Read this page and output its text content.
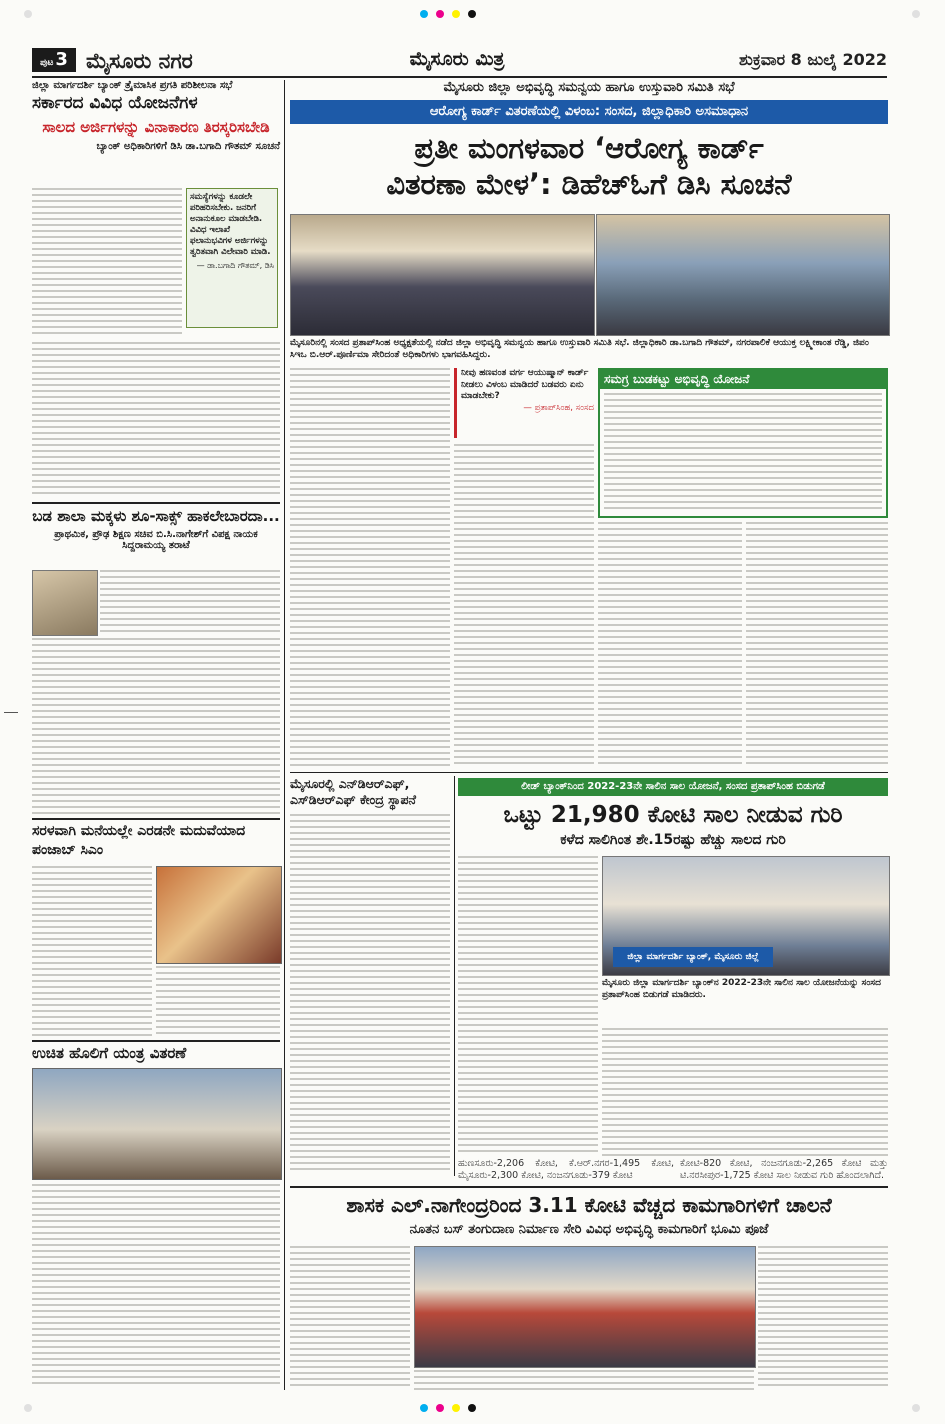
ಪುಟ 3 ಮೈಸೂರು ನಗರ	ಮೈಸೂರು ಮಿತ್ರ	ಶುಕ್ರವಾರ 8 ಜುಲೈ 2022
ಜಿಲ್ಲಾ ಮಾರ್ಗದರ್ಶಿ ಬ್ಯಾಂಕ್ ತ್ರೈಮಾಸಿಕ ಪ್ರಗತಿ ಪರಿಶೀಲನಾ ಸಭೆ
ಸರ್ಕಾರದ ವಿವಿಧ ಯೋಜನೆಗಳ
ಸಾಲದ ಅರ್ಜಿಗಳನ್ನು ವಿನಾಕಾರಣ ತಿರಸ್ಕರಿಸಬೇಡಿ
ಬ್ಯಾಂಕ್ ಅಧಿಕಾರಿಗಳಿಗೆ ಡಿಸಿ ಡಾ.ಬಗಾದಿ ಗೌತಮ್ ಸೂಚನೆ
ಸಮಸ್ಯೆಗಳನ್ನು ಕೂಡಲೇ ಪರಿಹರಿಸಬೇಕು. ಜನರಿಗೆ ಅನಾನುಕೂಲ ಮಾಡಬೇಡಿ. ವಿವಿಧ ಇಲಾಖೆ ಫಲಾನುಭವಿಗಳ ಅರ್ಜಿಗಳನ್ನು ತ್ವರಿತವಾಗಿ ವಿಲೇವಾರಿ ಮಾಡಿ.
— ಡಾ.ಬಗಾದಿ ಗೌತಮ್, ಡಿಸಿ
ಬಡ ಶಾಲಾ ಮಕ್ಕಳು ಶೂ-ಸಾಕ್ಸ್ ಹಾಕಲೇಬಾರದಾ...
ಪ್ರಾಥಮಿಕ, ಪ್ರೌಢ ಶಿಕ್ಷಣ ಸಚಿವ ಬಿ.ಸಿ.ನಾಗೇಶ್‌ಗೆ ವಿಪಕ್ಷ ನಾಯಕ ಸಿದ್ದರಾಮಯ್ಯ ತರಾಟೆ
ಸರಳವಾಗಿ ಮನೆಯಲ್ಲೇ ಎರಡನೇ ಮದುವೆಯಾದ ಪಂಜಾಬ್ ಸಿಎಂ
ಉಚಿತ ಹೊಲಿಗೆ ಯಂತ್ರ ವಿತರಣೆ
ಮೈಸೂರು ಜಿಲ್ಲಾ ಅಭಿವೃದ್ಧಿ ಸಮನ್ವಯ ಹಾಗೂ ಉಸ್ತುವಾರಿ ಸಮಿತಿ ಸಭೆ
ಆರೋಗ್ಯ ಕಾರ್ಡ್ ವಿತರಣೆಯಲ್ಲಿ ವಿಳಂಬ: ಸಂಸದ, ಜಿಲ್ಲಾಧಿಕಾರಿ ಅಸಮಾಧಾನ
ಪ್ರತೀ ಮಂಗಳವಾರ ‘ಆರೋಗ್ಯ ಕಾರ್ಡ್
ವಿತರಣಾ ಮೇಳ’: ಡಿಹೆಚ್‌ಓಗೆ ಡಿಸಿ ಸೂಚನೆ
ಮೈಸೂರಿನಲ್ಲಿ ಸಂಸದ ಪ್ರತಾಪ್‌ಸಿಂಹ ಅಧ್ಯಕ್ಷತೆಯಲ್ಲಿ ನಡೆದ ಜಿಲ್ಲಾ ಅಭಿವೃದ್ಧಿ ಸಮನ್ವಯ ಹಾಗೂ ಉಸ್ತುವಾರಿ ಸಮಿತಿ ಸಭೆ. ಜಿಲ್ಲಾಧಿಕಾರಿ ಡಾ.ಬಗಾದಿ ಗೌತಮ್, ನಗರಪಾಲಿಕೆ ಆಯುಕ್ತ ಲಕ್ಷ್ಮೀಕಾಂತ ರೆಡ್ಡಿ, ಜಿಪಂ ಸಿಇಒ ಬಿ.ಆರ್.ಪೂರ್ಣಿಮಾ ಸೇರಿದಂತೆ ಅಧಿಕಾರಿಗಳು ಭಾಗವಹಿಸಿದ್ದರು.
ನೀವು ಹಣವಂತ ವರ್ಗ ಆಯುಷ್ಮಾನ್ ಕಾರ್ಡ್ ನೀಡಲು ವಿಳಂಬ ಮಾಡಿದರೆ ಬಡವರು ಏನು ಮಾಡಬೇಕು?
— ಪ್ರತಾಪ್‌ಸಿಂಹ, ಸಂಸದ
ಸಮಗ್ರ ಬುಡಕಟ್ಟು ಅಭಿವೃದ್ಧಿ ಯೋಜನೆ
ಮೈಸೂರಲ್ಲಿ ಎನ್‌ಡಿಆರ್‌ಎಫ್, ಎಸ್‌ಡಿಆರ್‌ಎಫ್ ಕೇಂದ್ರ ಸ್ಥಾಪನೆ
ಲೀಡ್ ಬ್ಯಾಂಕ್‌ನಿಂದ 2022-23ನೇ ಸಾಲಿನ ಸಾಲ ಯೋಜನೆ, ಸಂಸದ ಪ್ರತಾಪ್‌ಸಿಂಹ ಬಿಡುಗಡೆ
ಒಟ್ಟು 21,980 ಕೋಟಿ ಸಾಲ ನೀಡುವ ಗುರಿ
ಕಳೆದ ಸಾಲಿಗಿಂತ ಶೇ.15ರಷ್ಟು ಹೆಚ್ಚು ಸಾಲದ ಗುರಿ
ಜಿಲ್ಲಾ ಮಾರ್ಗದರ್ಶಿ ಬ್ಯಾಂಕ್, ಮೈಸೂರು ಜಿಲ್ಲೆ
ಮೈಸೂರು ಜಿಲ್ಲಾ ಮಾರ್ಗದರ್ಶಿ ಬ್ಯಾಂಕ್‌ನ 2022-23ನೇ ಸಾಲಿನ ಸಾಲ ಯೋಜನೆಯನ್ನು ಸಂಸದ ಪ್ರತಾಪ್‌ಸಿಂಹ ಬಿಡುಗಡೆ ಮಾಡಿದರು.
ಹುಣಸೂರು-2,206 ಕೋಟಿ, ಕೆ.ಆರ್.ನಗರ-1,495 ಕೋಟಿ, ಮೈಸೂರು-2,300 ಕೋಟಿ, ನಂಜನಗೂಡು-379 ಕೋಟಿ
ಕೋಟಿ-820 ಕೋಟಿ, ನಂಜನಗೂಡು-2,265 ಕೋಟಿ ಮತ್ತು ಟಿ.ನರಸೀಪುರ-1,725 ಕೋಟಿ ಸಾಲ ನೀಡುವ ಗುರಿ ಹೊಂದಲಾಗಿದೆ.
ಶಾಸಕ ಎಲ್.ನಾಗೇಂದ್ರರಿಂದ 3.11 ಕೋಟಿ ವೆಚ್ಚದ ಕಾಮಗಾರಿಗಳಿಗೆ ಚಾಲನೆ
ನೂತನ ಬಸ್ ತಂಗುದಾಣ ನಿರ್ಮಾಣ ಸೇರಿ ವಿವಿಧ ಅಭಿವೃದ್ಧಿ ಕಾಮಗಾರಿಗೆ ಭೂಮಿ ಪೂಜೆ
